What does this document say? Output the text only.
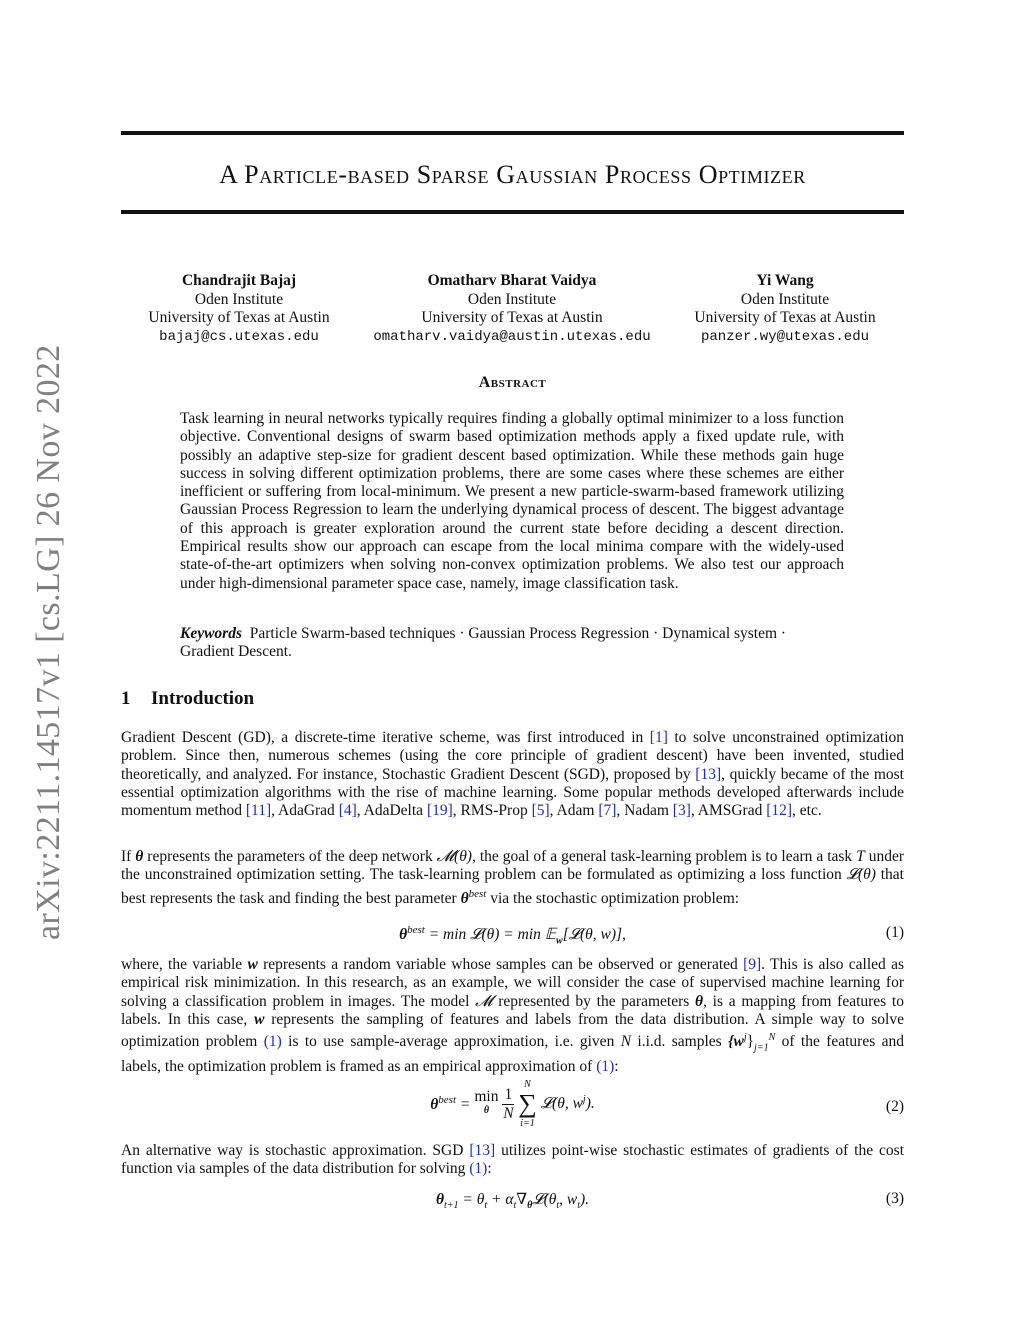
arXiv:2211.14517v1 [cs.LG] 26 Nov 2022
A Particle-based Sparse Gaussian Process Optimizer
Chandrajit Bajaj
Oden Institute
University of Texas at Austin
bajaj@cs.utexas.edu
Omatharv Bharat Vaidya
Oden Institute
University of Texas at Austin
omatharv.vaidya@austin.utexas.edu
Yi Wang
Oden Institute
University of Texas at Austin
panzer.wy@utexas.edu
Abstract
Task learning in neural networks typically requires finding a globally optimal minimizer to a loss function objective. Conventional designs of swarm based optimization methods apply a fixed update rule, with possibly an adaptive step-size for gradient descent based optimization. While these methods gain huge success in solving different optimization problems, there are some cases where these schemes are either inefficient or suffering from local-minimum. We present a new particle-swarm-based framework utilizing Gaussian Process Regression to learn the underlying dynamical process of descent. The biggest advantage of this approach is greater exploration around the current state before deciding a descent direction. Empirical results show our approach can escape from the local minima compare with the widely-used state-of-the-art optimizers when solving non-convex optimization problems. We also test our approach under high-dimensional parameter space case, namely, image classification task.
Keywords Particle Swarm-based techniques · Gaussian Process Regression · Dynamical system · Gradient Descent.
1 Introduction
Gradient Descent (GD), a discrete-time iterative scheme, was first introduced in [1] to solve unconstrained optimization problem. Since then, numerous schemes (using the core principle of gradient descent) have been invented, studied theoretically, and analyzed. For instance, Stochastic Gradient Descent (SGD), proposed by [13], quickly became of the most essential optimization algorithms with the rise of machine learning. Some popular methods developed afterwards include momentum method [11], AdaGrad [4], AdaDelta [19], RMS-Prop [5], Adam [7], Nadam [3], AMSGrad [12], etc.
If θ represents the parameters of the deep network 𝓜(θ), the goal of a general task-learning problem is to learn a task T under the unconstrained optimization setting. The task-learning problem can be formulated as optimizing a loss function 𝓛(θ) that best represents the task and finding the best parameter $\theta^{best}$ via the stochastic optimization problem:
$\theta^{best} = \min$ 𝓛(θ) = min 𝔼$_w$[𝓛(θ, w)],	(1)
where, the variable w represents a random variable whose samples can be observed or generated [9]. This is also called as empirical risk minimization. In this research, as an example, we will consider the case of supervised machine learning for solving a classification problem in images. The model 𝓜 represented by the parameters θ, is a mapping from features to labels. In this case, w represents the sampling of features and labels from the data distribution. A simple way to solve optimization problem (1) is to use sample-average approximation, i.e. given N i.i.d. samples $\{w^j\}_{j=1}^N$ of the features and labels, the optimization problem is framed as an empirical approximation of (1):
$\theta^{best} = \min$
θ
1
N
N
∑
i=1
𝓛(θ, $w^j$).	(2)
An alternative way is stochastic approximation. SGD [13] utilizes point-wise stochastic estimates of gradients of the cost function via samples of the data distribution for solving (1):
$\theta_{t+1} = \theta_t$ + $\alpha_t\nabla_\theta 𝓛(\theta_t$, $w_t$).	(3)
